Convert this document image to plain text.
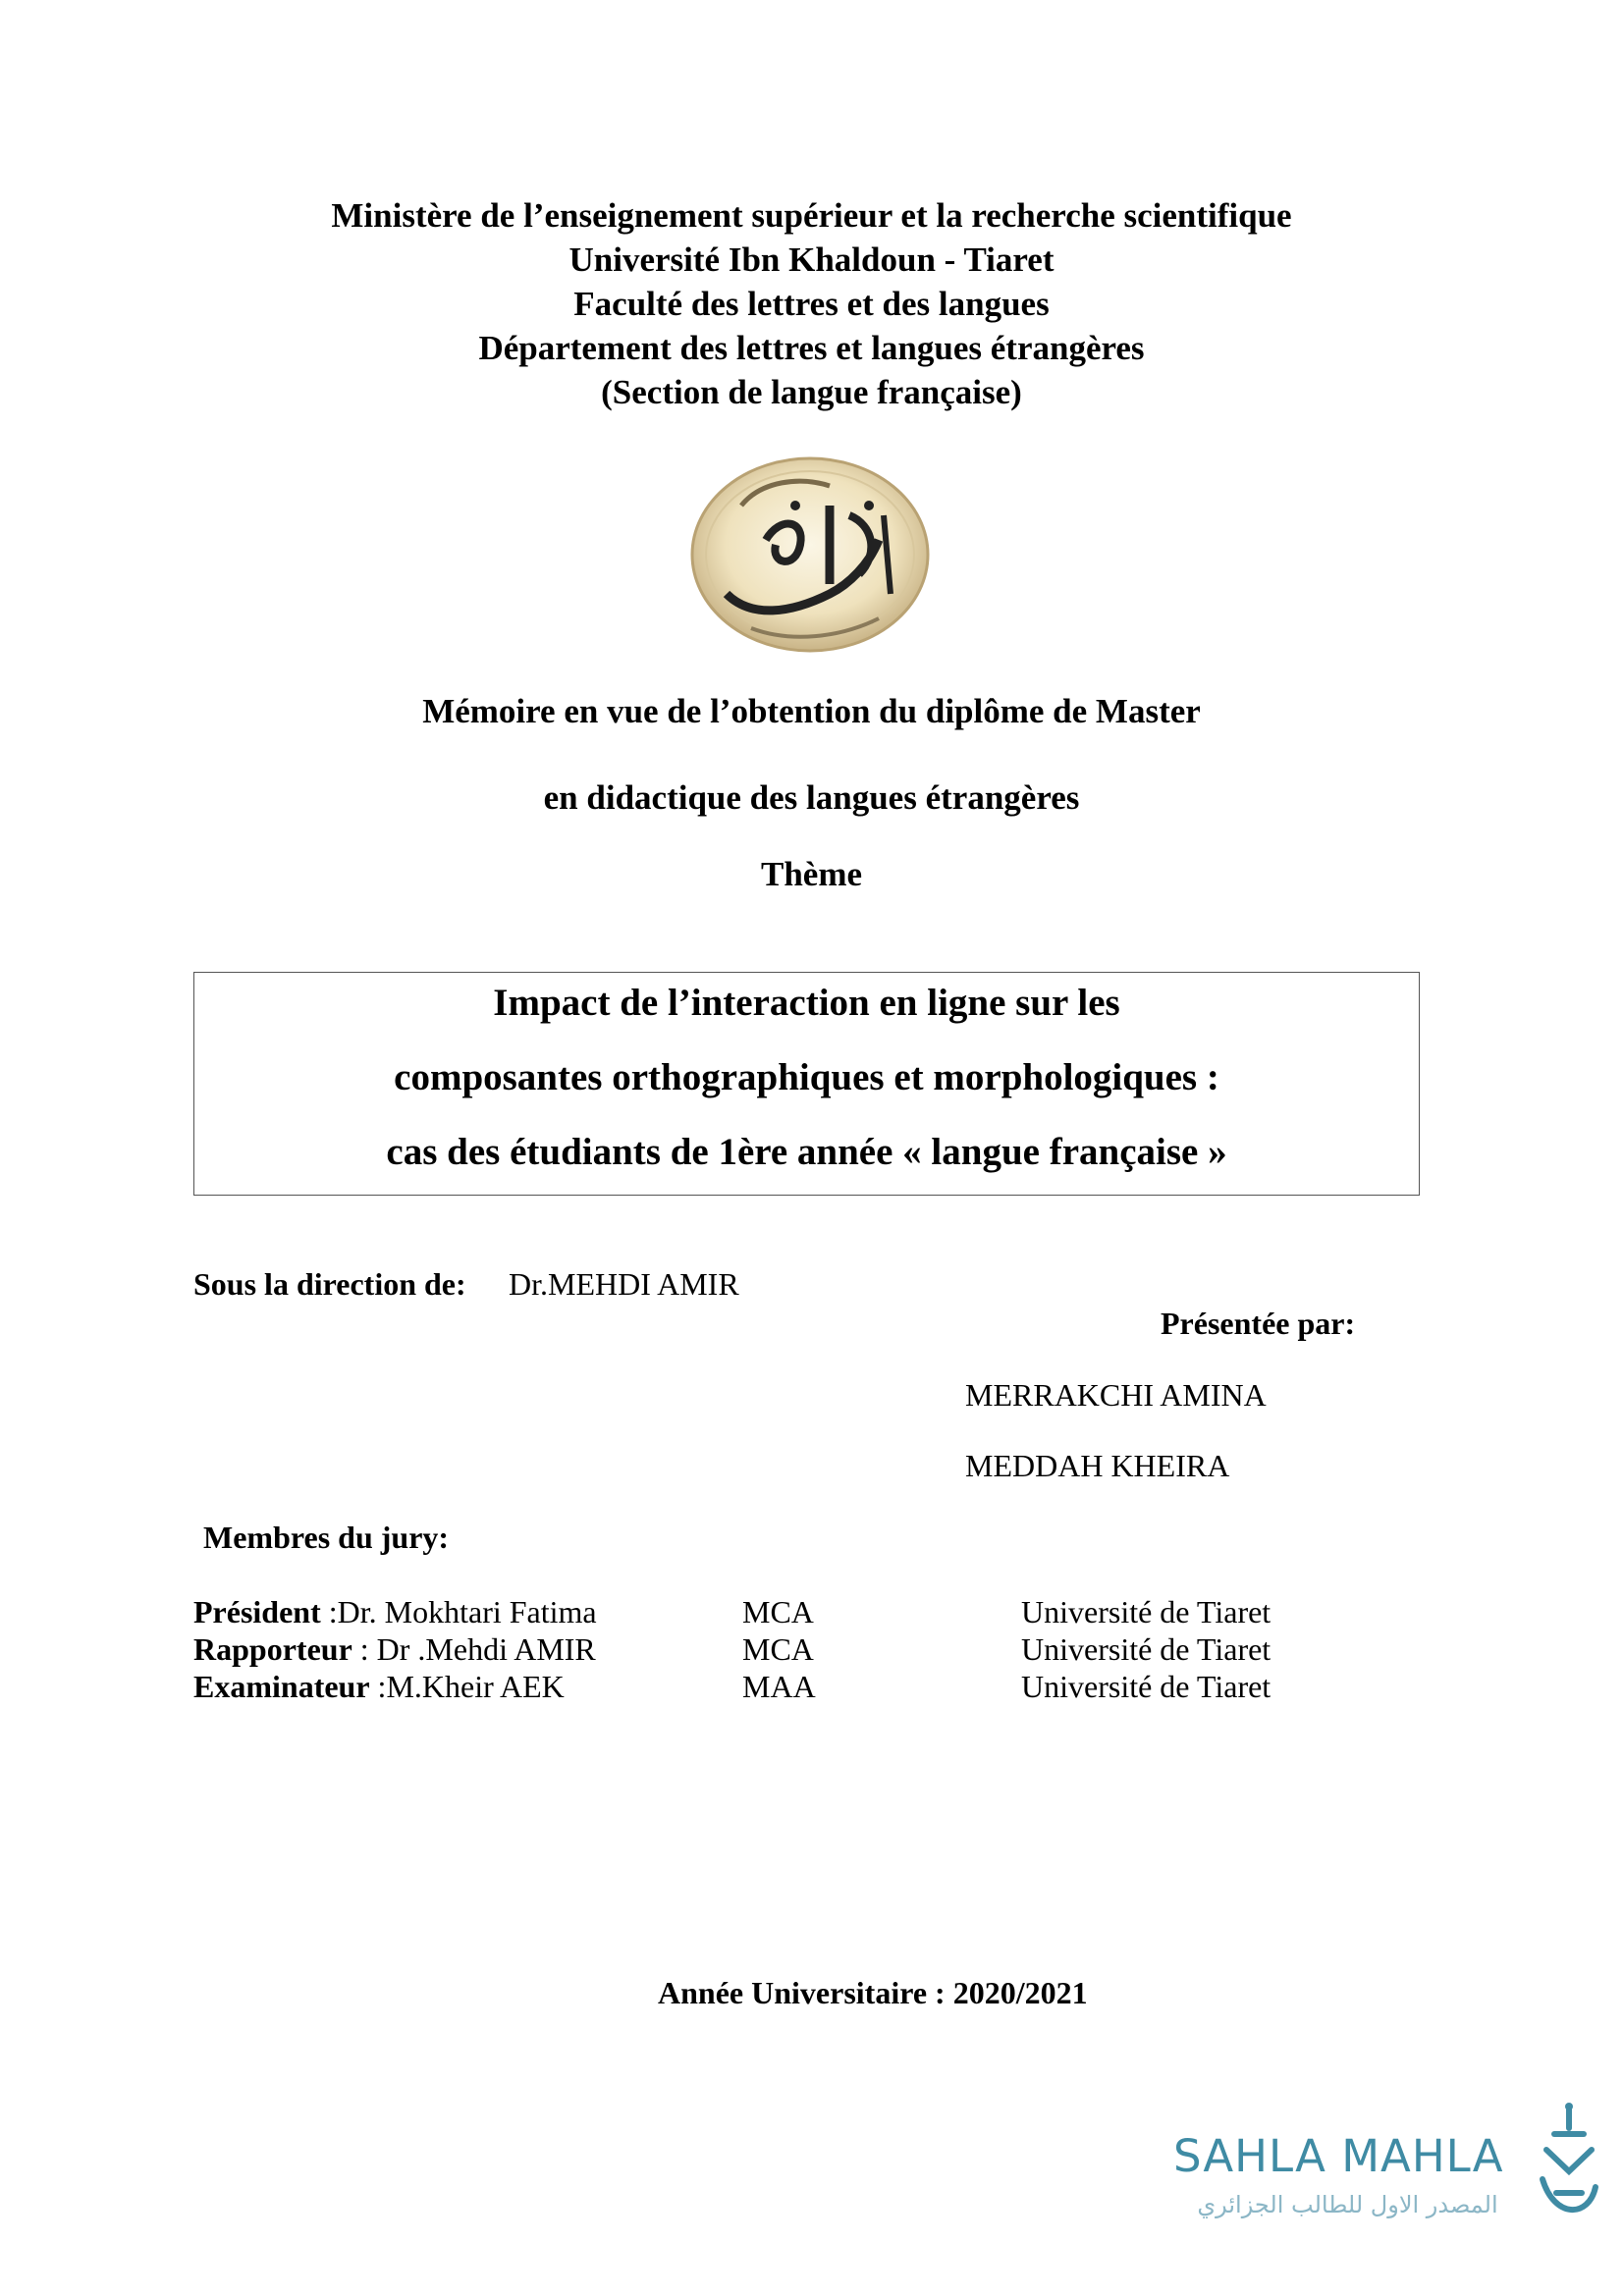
Ministère de l’enseignement supérieur et la recherche scientifique
Université Ibn Khaldoun - Tiaret
Faculté des lettres et des langues
Département des lettres et langues étrangères
(Section de langue française)
Mémoire en vue de l’obtention du diplôme de Master
en didactique des langues étrangères
Thème
Impact de l’interaction en ligne sur les
composantes orthographiques et morphologiques :
cas des étudiants de 1ère année « langue française »
Sous la direction de: Dr.MEHDI AMIR
Présentée par:
MERRAKCHI AMINA
MEDDAH KHEIRA
Membres du jury:
Président :Dr. Mokhtari Fatima	MCA	Université de Tiaret
Rapporteur : Dr .Mehdi AMIR	MCA	Université de Tiaret
Examinateur :M.Kheir AEK	MAA	Université de Tiaret
Année Universitaire : 2020/2021
SAHLA MAHLA
المصدر الاول للطالب الجزائري
